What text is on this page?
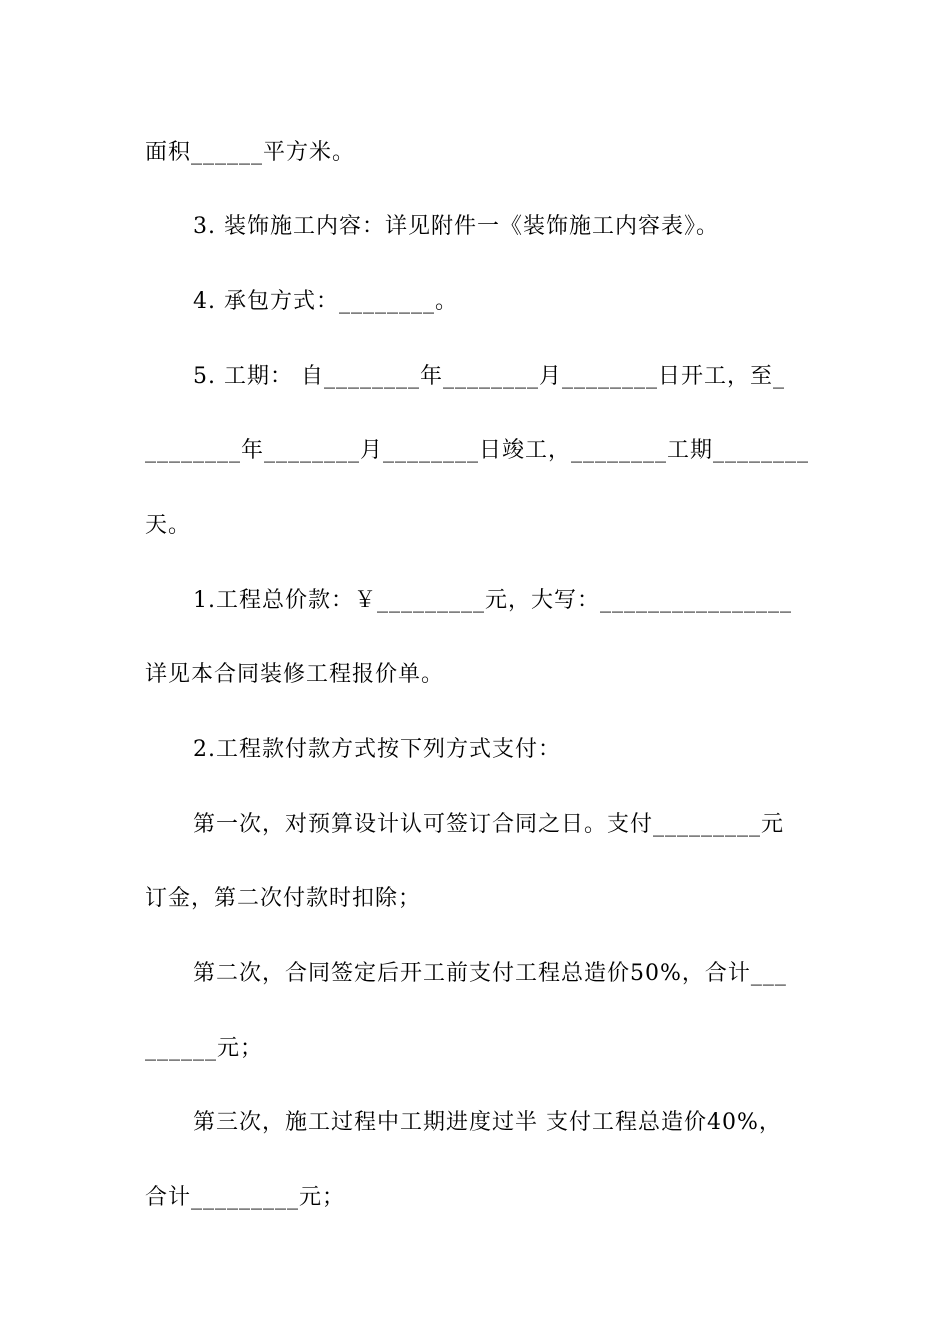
面积______平方米。
3. 装饰施工内容：详见附件一《装饰施工内容表》。
4. 承包方式：________。
5. 工期： 自________年________月________日开工，至_
________年________月________日竣工，________工期________
天。
1.工程总价款：￥_________元，大写：________________
详见本合同装修工程报价单。
2.工程款付款方式按下列方式支付：
第一次，对预算设计认可签订合同之日。支付_________元
订金，第二次付款时扣除；
第二次，合同签定后开工前支付工程总造价50%，合计___
______元；
第三次，施工过程中工期进度过半 支付工程总造价40%，
合计_________元；
